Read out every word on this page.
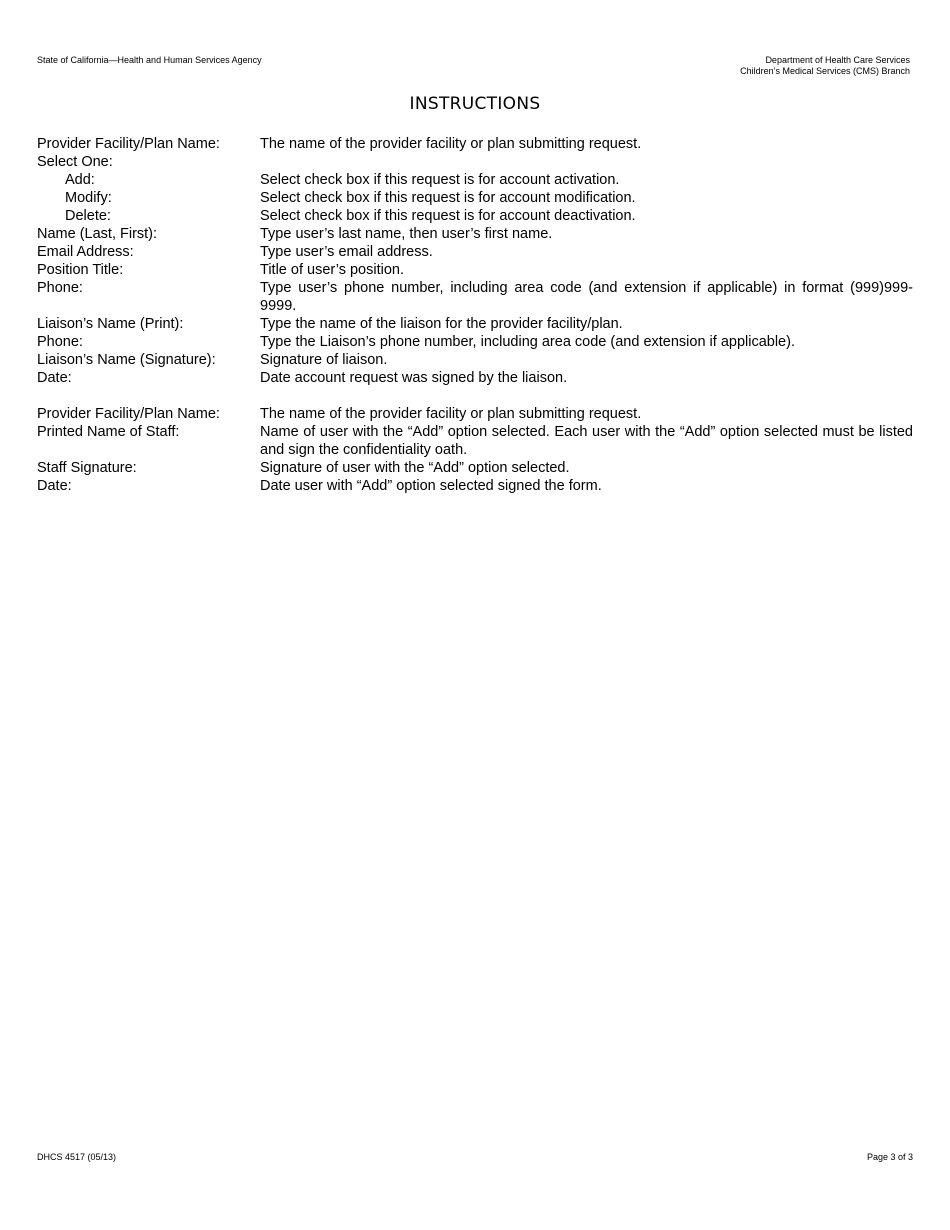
State of California—Health and Human Services Agency	Department of Health Care Services
Children’s Medical Services (CMS) Branch
INSTRUCTIONS
Provider Facility/Plan Name:	The name of the provider facility or plan submitting request.
Select One:
Add:	Select check box if this request is for account activation.
Modify:	Select check box if this request is for account modification.
Delete:	Select check box if this request is for account deactivation.
Name (Last, First):	Type user’s last name, then user’s first name.
Email Address:	Type user’s email address.
Position Title:	Title of user’s position.
Phone:	Type user’s phone number, including area code (and extension if applicable) in format (999)999-9999.
Liaison’s Name (Print):	Type the name of the liaison for the provider facility/plan.
Phone:	Type the Liaison’s phone number, including area code (and extension if applicable).
Liaison’s Name (Signature):	Signature of liaison.
Date:	Date account request was signed by the liaison.
Provider Facility/Plan Name:	The name of the provider facility or plan submitting request.
Printed Name of Staff:	Name of user with the “Add” option selected. Each user with the “Add” option selected must be listed and sign the confidentiality oath.
Staff Signature:	Signature of user with the “Add” option selected.
Date:	Date user with “Add” option selected signed the form.
DHCS 4517 (05/13)	Page 3 of 3
